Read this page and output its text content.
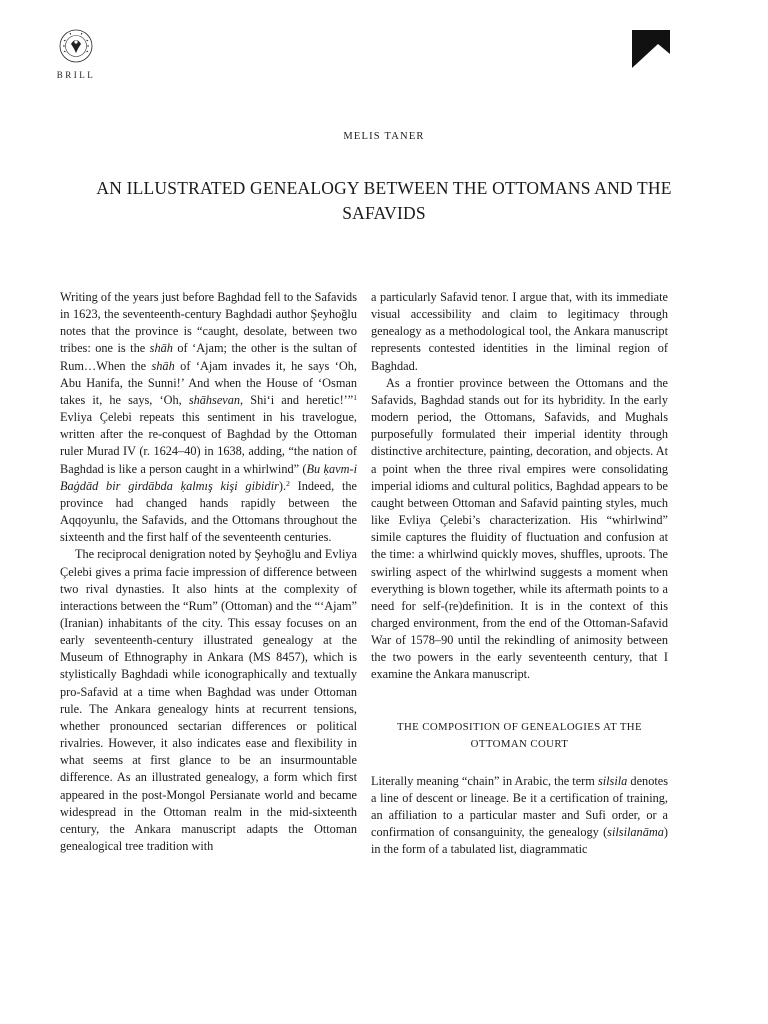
BRILL
MELIS TANER
AN ILLUSTRATED GENEALOGY BETWEEN THE OTTOMANS AND THE SAFAVIDS

Writing of the years just before Baghdad fell to the Safavids in 1623, the seventeenth-century Baghdadi author Şeyhoğlu notes that the province is “caught, desolate, between two tribes: one is the shāh of ‘Ajam; the other is the sultan of Rum…When the shāh of ‘Ajam invades it, he says ‘Oh, Abu Hanifa, the Sunni!’ And when the House of ‘Osman takes it, he says, ‘Oh, shāhsevan, Shi‘i and heretic!’”$^1$ Evliya Çelebi repeats this sentiment in his travelogue, written after the re-conquest of Baghdad by the Ottoman ruler Murad IV (r. 1624–40) in 1638, adding, “the nation of Baghdad is like a person caught in a whirlwind” (Bu ḳavm-i Baġdād bir girdābda ḳalmış kişi gibidir).$^2$ Indeed, the province had changed hands rapidly between the Aqqoyunlu, the Safavids, and the Ottomans throughout the sixteenth and the first half of the seventeenth centuries.

The reciprocal denigration noted by Şeyhoğlu and Evliya Çelebi gives a prima facie impression of difference between two rival dynasties. It also hints at the complexity of interactions between the “Rum” (Ottoman) and the “‘Ajam” (Iranian) inhabitants of the city. This essay focuses on an early seventeenth-century illustrated genealogy at the Museum of Ethnography in Ankara (MS 8457), which is stylistically Baghdadi while iconographically and textually pro-Safavid at a time when Baghdad was under Ottoman rule. The Ankara genealogy hints at recurrent tensions, whether pronounced sectarian differences or political rivalries. However, it also indicates ease and flexibility in what seems at first glance to be an insurmountable difference. As an illustrated genealogy, a form which first appeared in the post-Mongol Persianate world and became widespread in the Ottoman realm in the mid-sixteenth century, the Ankara manuscript adapts the Ottoman genealogical tree tradition with

a particularly Safavid tenor. I argue that, with its immediate visual accessibility and claim to legitimacy through genealogy as a methodological tool, the Ankara manuscript represents contested identities in the liminal region of Baghdad.

As a frontier province between the Ottomans and the Safavids, Baghdad stands out for its hybridity. In the early modern period, the Ottomans, Safavids, and Mughals purposefully formulated their imperial identity through distinctive architecture, painting, decoration, and objects. At a point when the three rival empires were consolidating imperial idioms and cultural politics, Baghdad appears to be caught between Ottoman and Safavid painting styles, much like Evliya Çelebi’s characterization. His “whirlwind” simile captures the fluidity of fluctuation and confusion at the time: a whirlwind quickly moves, shuffles, uproots. The swirling aspect of the whirlwind suggests a moment when everything is blown together, while its aftermath points to a need for self-(re)definition. It is in the context of this charged environment, from the end of the Ottoman-Safavid War of 1578–90 until the rekindling of animosity between the two powers in the early seventeenth century, that I examine the Ankara manuscript.

THE COMPOSITION OF GENEALOGIES AT THE OTTOMAN COURT

Literally meaning “chain” in Arabic, the term silsila denotes a line of descent or lineage. Be it a certification of training, an affiliation to a particular master and Sufi order, or a confirmation of consanguinity, the genealogy (silsilanāma) in the form of a tabulated list, diagrammatic
